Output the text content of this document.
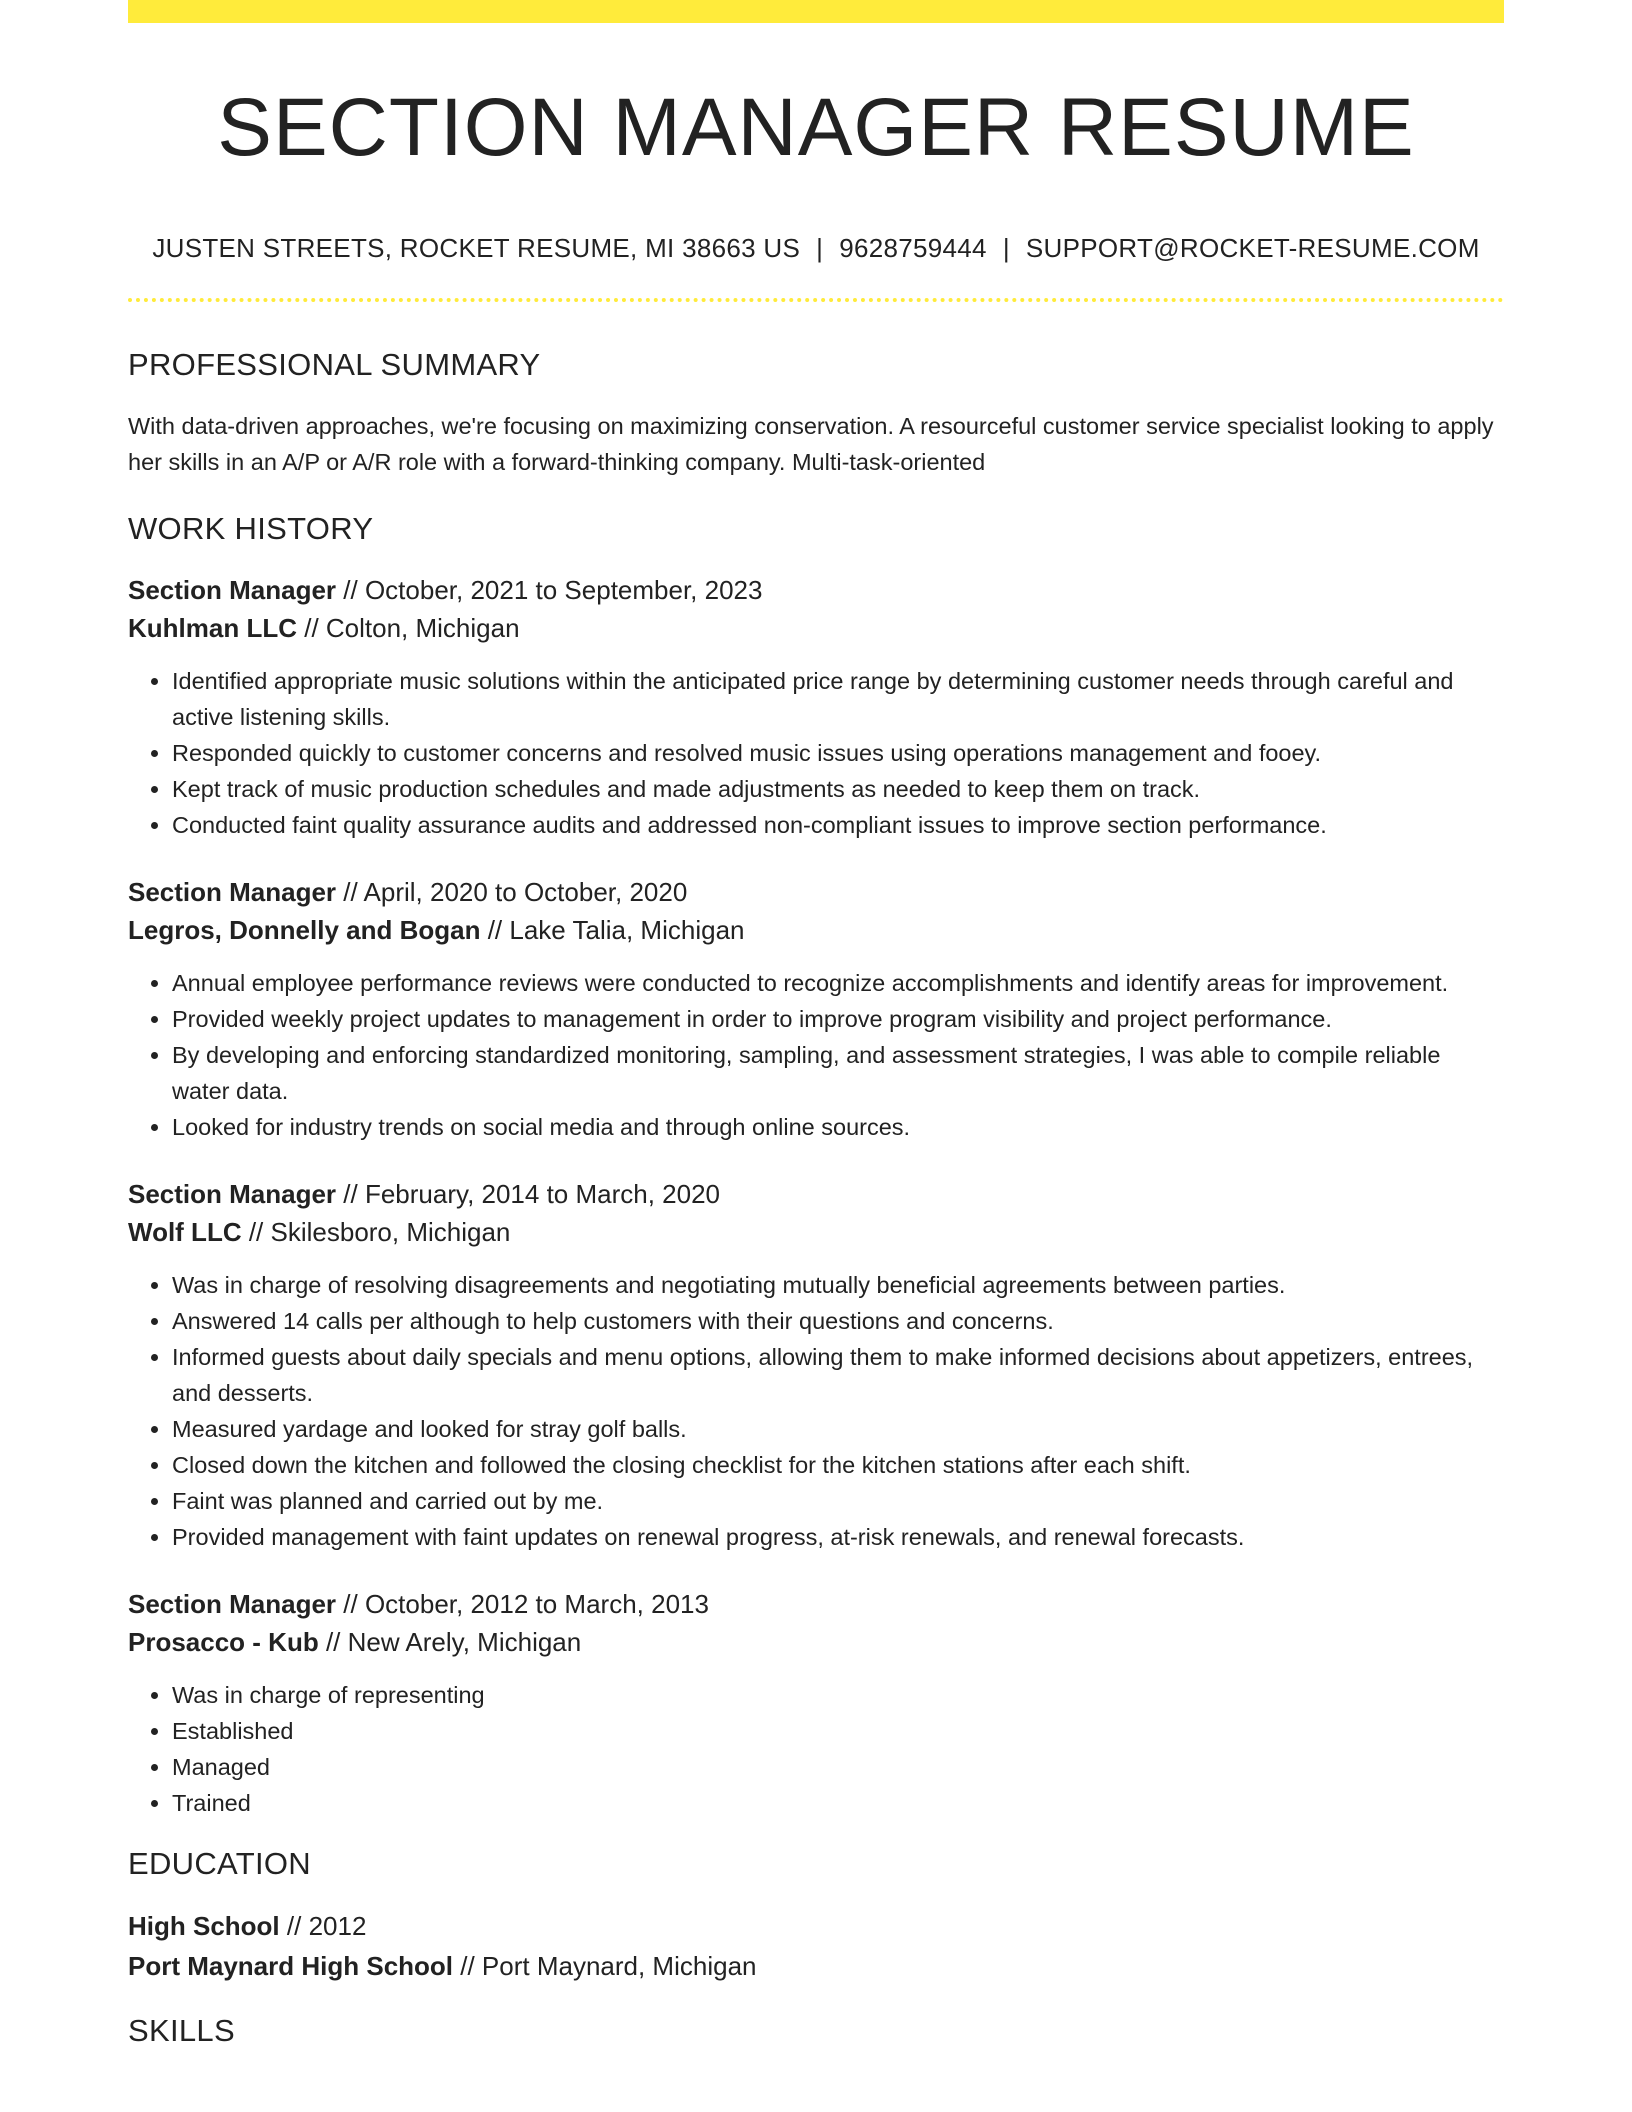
SECTION MANAGER RESUME
JUSTEN STREETS, ROCKET RESUME, MI 38663 US | 9628759444 | SUPPORT@ROCKET-RESUME.COM
PROFESSIONAL SUMMARY
With data-driven approaches, we're focusing on maximizing conservation. A resourceful customer service specialist looking to apply her skills in an A/P or A/R role with a forward-thinking company. Multi-task-oriented
WORK HISTORY
Section Manager // October, 2021 to September, 2023
Kuhlman LLC // Colton, Michigan
• Identified appropriate music solutions within the anticipated price range by determining customer needs through careful and active listening skills.
• Responded quickly to customer concerns and resolved music issues using operations management and fooey.
• Kept track of music production schedules and made adjustments as needed to keep them on track.
• Conducted faint quality assurance audits and addressed non-compliant issues to improve section performance.
Section Manager // April, 2020 to October, 2020
Legros, Donnelly and Bogan // Lake Talia, Michigan
• Annual employee performance reviews were conducted to recognize accomplishments and identify areas for improvement.
• Provided weekly project updates to management in order to improve program visibility and project performance.
• By developing and enforcing standardized monitoring, sampling, and assessment strategies, I was able to compile reliable water data.
• Looked for industry trends on social media and through online sources.
Section Manager // February, 2014 to March, 2020
Wolf LLC // Skilesboro, Michigan
• Was in charge of resolving disagreements and negotiating mutually beneficial agreements between parties.
• Answered 14 calls per although to help customers with their questions and concerns.
• Informed guests about daily specials and menu options, allowing them to make informed decisions about appetizers, entrees, and desserts.
• Measured yardage and looked for stray golf balls.
• Closed down the kitchen and followed the closing checklist for the kitchen stations after each shift.
• Faint was planned and carried out by me.
• Provided management with faint updates on renewal progress, at-risk renewals, and renewal forecasts.
Section Manager // October, 2012 to March, 2013
Prosacco - Kub // New Arely, Michigan
• Was in charge of representing
• Established
• Managed
• Trained
EDUCATION
High School // 2012
Port Maynard High School // Port Maynard, Michigan
SKILLS
